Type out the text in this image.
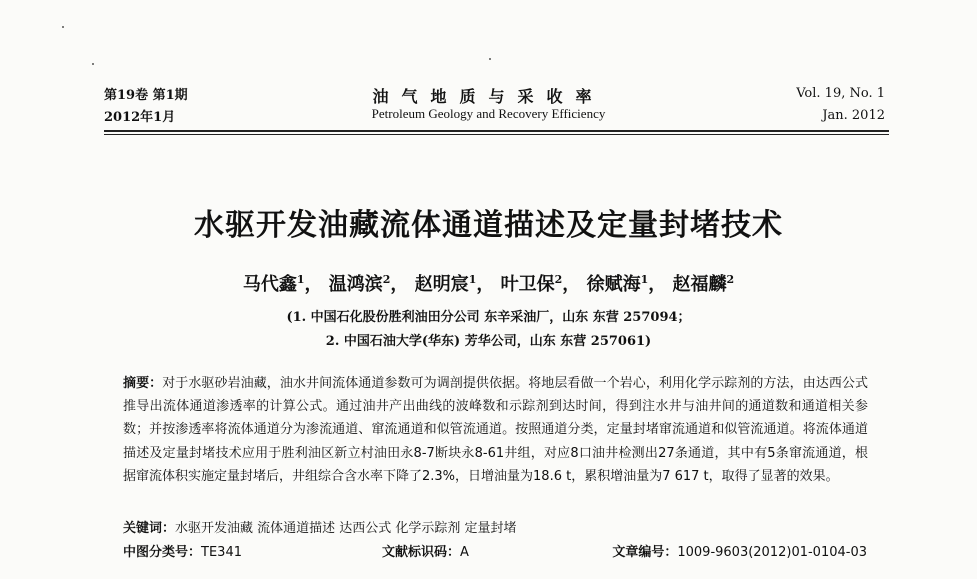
第19卷 第1期
2012年1月
油气地质与采收率
Petroleum Geology and Recovery Efficiency
Vol. 19, No. 1
Jan. 2012
水驱开发油藏流体通道描述及定量封堵技术
马代鑫$^1$， 温鸿滨$^2$， 赵明宸$^1$， 叶卫保$^2$， 徐赋海$^1$， 赵福麟$^2$
(1. 中国石化股份胜利油田分公司 东辛采油厂，山东 东营 257094；
2. 中国石油大学(华东) 芳华公司，山东 东营 257061)
摘要：对于水驱砂岩油藏，油水井间流体通道参数可为调剖提供依据。将地层看做一个岩心，利用化学示踪剂的方法，由达西公式推导出流体通道渗透率的计算公式。通过油井产出曲线的波峰数和示踪剂到达时间，得到注水井与油井间的通道数和通道相关参数；并按渗透率将流体通道分为渗流通道、窜流通道和似管流通道。按照通道分类，定量封堵窜流通道和似管流通道。将流体通道描述及定量封堵技术应用于胜利油区新立村油田永8-7断块永8-61井组，对应8口油井检测出27条通道，其中有5条窜流通道，根据窜流体积实施定量封堵后，井组综合含水率下降了2.3%，日增油量为18.6 t，累积增油量为7 617 t，取得了显著的效果。
关键词：水驱开发油藏 流体通道描述 达西公式 化学示踪剂 定量封堵
中图分类号：TE341	文献标识码：A	文章编号：1009-9603(2012)01-0104-03
